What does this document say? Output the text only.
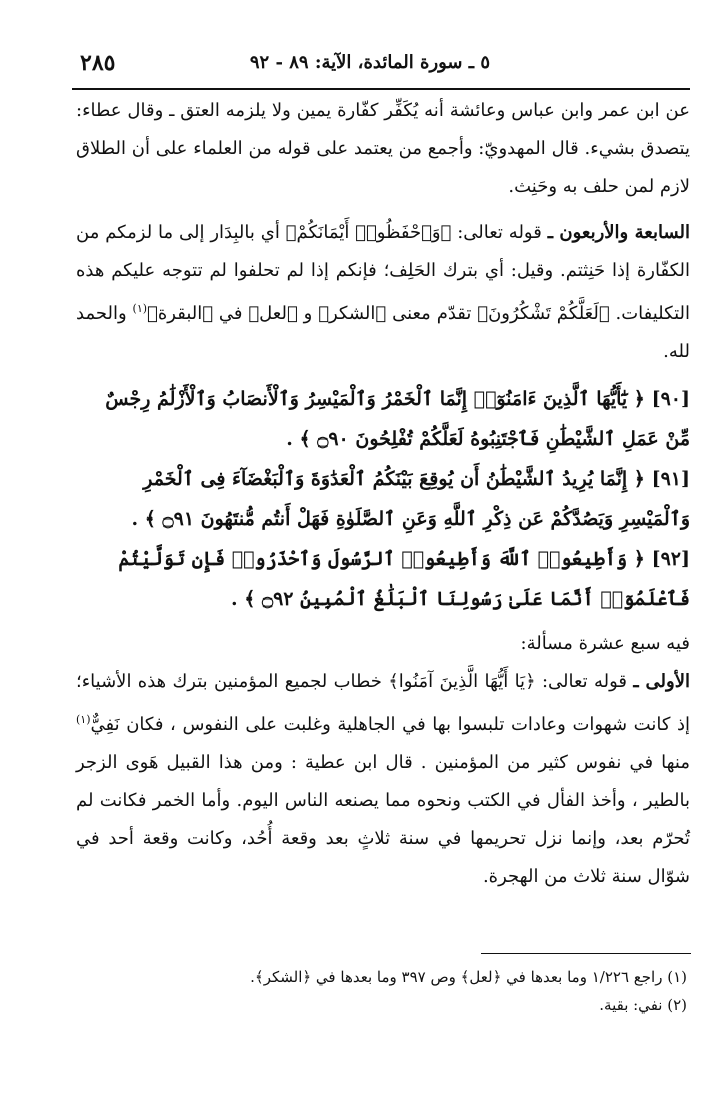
٥ ـ سورة المائدة، الآية: ٨٩ - ٩٢
٢٨٥

عن ابن عمر وابن عباس وعائشة أنه يُكَفِّر كفّارة يمين ولا يلزمه العتق ـ وقال عطاء: يتصدق بشيء. قال المهدويّ: وأجمع من يعتمد على قوله من العلماء على أن الطلاق لازم لمن حلف به وحَنِث.

السابعة والأربعون ـ قوله تعالى: ﴿وَٱحْفَظُوا۟ أَيْمَانَكُمْ﴾ أي بالبِدَار إلى ما لزمكم من الكفّارة إذا حَنِثتم. وقيل: أي بترك الحَلِف؛ فإنكم إذا لم تحلفوا لم تتوجه عليكم هذه التكليفات. ﴿لَعَلَّكُمْ تَشْكُرُونَ﴾ تقدّم معنى ﴿الشكر﴾ و ﴿لعل﴾ في ﴿البقرة﴾$^{(١)}$ والحمد لله.

[٩٠] ﴿ يَٰٓأَيُّهَا ٱلَّذِينَ ءَامَنُوٓا۟ إِنَّمَا ٱلْخَمْرُ وَٱلْمَيْسِرُ وَٱلْأَنصَابُ وَٱلْأَزْلَٰمُ رِجْسٌ مِّنْ عَمَلِ ٱلشَّيْطَٰنِ فَٱجْتَنِبُوهُ لَعَلَّكُمْ تُفْلِحُونَ ۝٩٠ ﴾ .

[٩١] ﴿ إِنَّمَا يُرِيدُ ٱلشَّيْطَٰنُ أَن يُوقِعَ بَيْنَكُمُ ٱلْعَدَٰوَةَ وَٱلْبَغْضَآءَ فِى ٱلْخَمْرِ وَٱلْمَيْسِرِ وَيَصُدَّكُمْ عَن ذِكْرِ ٱللَّهِ وَعَنِ ٱلصَّلَوٰةِ فَهَلْ أَنتُم مُّنتَهُونَ ۝٩١ ﴾ .

[٩٢] ﴿ وَأَطِيعُوا۟ ٱللَّهَ وَأَطِيعُوا۟ ٱلرَّسُولَ وَٱحْذَرُوا۟ فَإِن تَوَلَّيْتُمْ فَٱعْلَمُوٓا۟ أَنَّمَا عَلَىٰ رَسُولِنَا ٱلْبَلَٰغُ ٱلْمُبِينُ ۝٩٢ ﴾ .

فيه سبع عشرة مسألة:

الأولى ـ قوله تعالى: ﴿يَا أَيُّهَا الَّذِينَ آمَنُوا﴾ خطاب لجميع المؤمنين بترك هذه الأشياء؛ إذ كانت شهوات وعادات تلبسوا بها في الجاهلية وغلبت على النفوس ، فكان نَفِيٌّ$^{(١)}$ منها في نفوس كثير من المؤمنين . قال ابن عطية : ومن هذا القبيل هَوى الزجر بالطير ، وأخذ الفأل في الكتب ونحوه مما يصنعه الناس اليوم. وأما الخمر فكانت لم تُحرّم بعد، وإنما نزل تحريمها في سنة ثلاثٍ بعد وقعة أُحُد، وكانت وقعة أحد في شوّال سنة ثلاث من الهجرة.

(١) راجع ١/٢٢٦ وما بعدها في ﴿لعل﴾ وص ٣٩٧ وما بعدها في ﴿الشكر﴾.

(٢) نفي: بقية.
